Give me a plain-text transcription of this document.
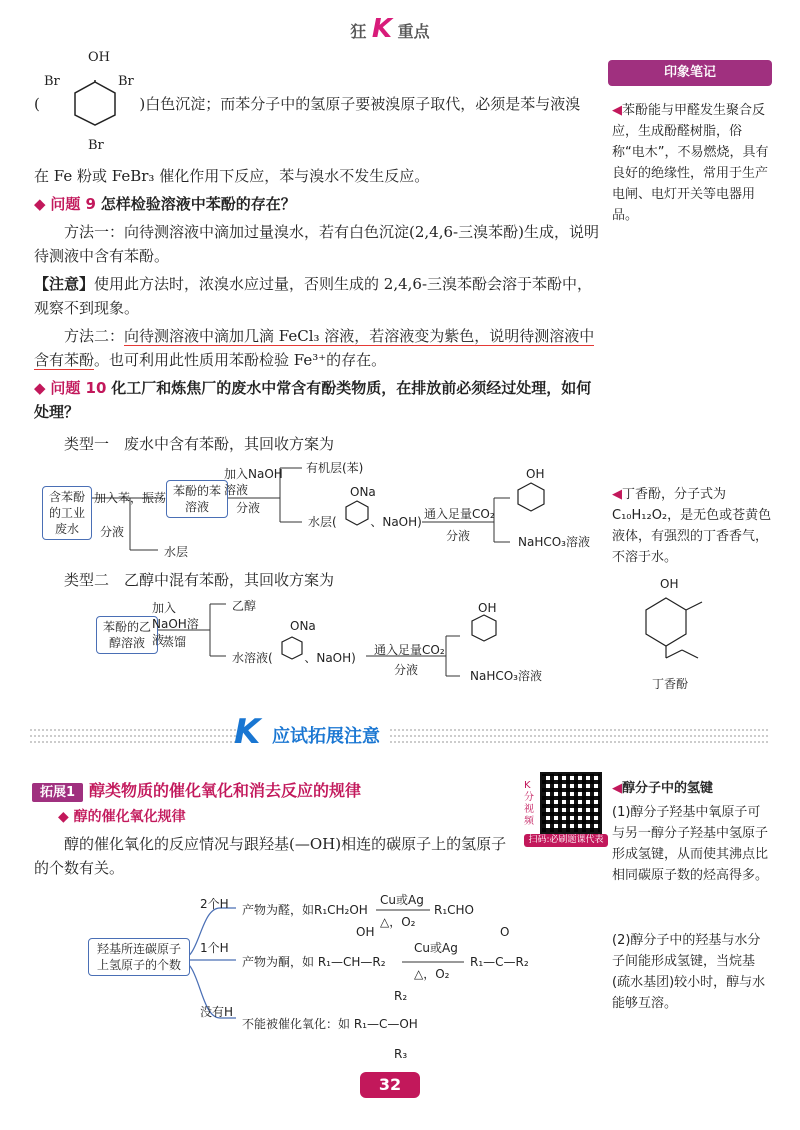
狂 K 重点
OH
Br	Br
Br
(	)白色沉淀；而苯分子中的氢原子要被溴原子取代，必须是苯与液溴
在 Fe 粉或 FeBr₃ 催化作用下反应，苯与溴水不发生反应。
◆ 问题 9 怎样检验溶液中苯酚的存在？
方法一：向待测溶液中滴加过量溴水，若有白色沉淀(2,4,6-三溴苯酚)生成，说明待测液中含有苯酚。
【注意】使用此方法时，浓溴水应过量，否则生成的 2,4,6-三溴苯酚会溶于苯酚中，观察不到现象。
方法二：向待测溶液中滴加几滴 FeCl₃ 溶液，若溶液变为紫色，说明待测溶液中含有苯酚。也可利用此性质用苯酚检验 Fe³⁺的存在。
◆ 问题 10 化工厂和炼焦厂的废水中常含有酚类物质，在排放前必须经过处理，如何处理？
类型一　废水中含有苯酚，其回收方案为
含苯酚的工业废水
加入苯，振荡
分液
苯酚的苯溶液
加入NaOH溶液
分液
有机层(苯)
水层
水层(	、NaOH)
ONa
通入足量CO₂
分液
OH
NaHCO₃溶液
类型二　乙醇中混有苯酚，其回收方案为
苯酚的乙醇溶液
加入NaOH溶液
蒸馏
乙醇
水溶液(	、NaOH)
ONa
通入足量CO₂
分液
OH
NaHCO₃溶液
印象笔记
◀苯酚能与甲醛发生聚合反应，生成酚醛树脂，俗称“电木”，不易燃烧，具有良好的绝缘性，常用于生产电闸、电灯开关等电器用品。
◀丁香酚，分子式为 C₁₀H₁₂O₂，是无色或苍黄色液体，有强烈的丁香香气，不溶于水。
OH
丁香酚
K 应试拓展注意
拓展1 醇类物质的催化氧化和消去反应的规律	K分视频
扫码:必刷题课代表
◆ 醇的催化氧化规律
醇的催化氧化的反应情况与跟羟基(—OH)相连的碳原子上的氢原子的个数有关。
羟基所连碳原子上氢原子的个数
2个H 产物为醛，如R₁CH₂OH
Cu或Ag
△，O₂
R₁CHO
1个H
OH
产物为酮，如 R₁—CH—R₂
Cu或Ag
△，O₂
O
R₁—C—R₂
没有H
R₂
不能被催化氧化：如 R₁—C—OH
R₃
◀醇分子中的氢键
(1)醇分子羟基中氧原子可与另一醇分子羟基中氢原子形成氢键，从而使其沸点比相同碳原子数的烃高得多。
(2)醇分子中的羟基与水分子间能形成氢键，当烷基(疏水基团)较小时，醇与水能够互溶。
32
